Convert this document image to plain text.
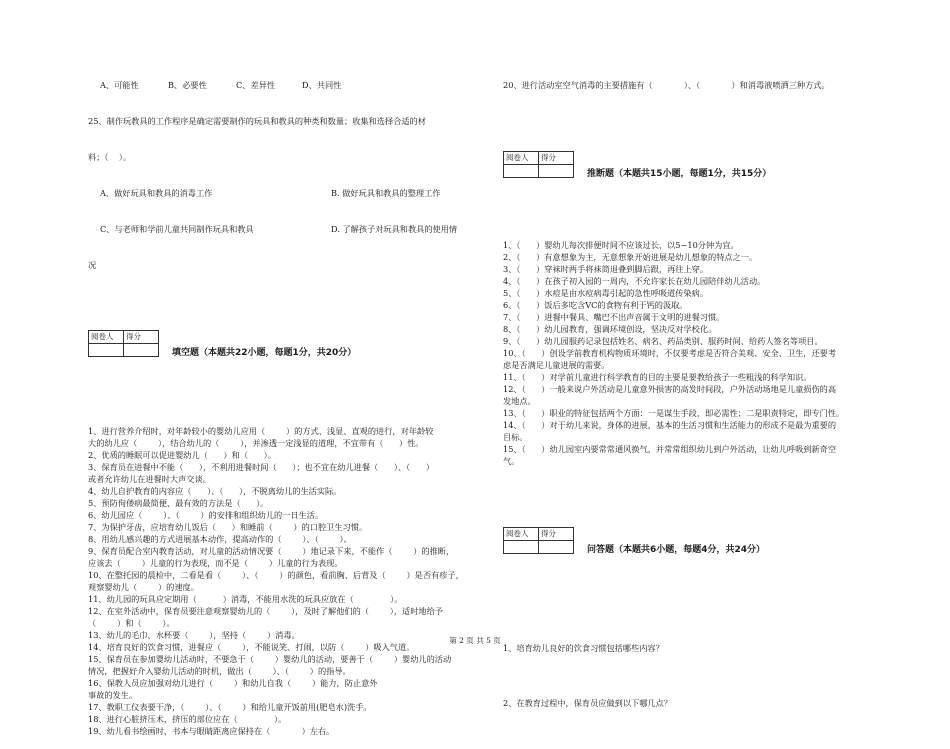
A、可能性	B、必要性	C、差异性	D、共同性

25、制作玩教具的工作程序是确定需要制作的玩具和教具的种类和数量；收集和选择合适的材

料；（    ）。

A、做好玩具和教具的消毒工作	B. 做好玩具和教具的整理工作

C、与老师和学前儿童共同制作玩具和教具	D. 了解孩子对玩具和教具的使用情

况

阅卷人	得分

填空题（本题共22小题，每题1分，共20分）

1、进行营养介绍时，对年龄较小的婴幼儿应用（        ）的方式、浅显、直观的进行，对年龄较
大的幼儿应（        ），结合幼儿的（        ），并渗透一定浅显的道理，不宜带有（      ）性。
2、优质的睡眠可以促进婴幼儿（      ）和（      ）。
3、保育员在进餐中不能（      ），不利用进餐时间（      ）；也不宜在幼儿进餐（      ）、（      ）
或者允许幼儿在进餐时大声交谈。
4、幼儿自护教育的内容应（      ）、（      ），不脱离幼儿的生活实际。
5、预防佝偻病最简便、最有效的方法是（      ）。
6、幼儿园应（        ）、（        ）的安排和组织幼儿的一日生活。
7、为保护牙齿，应培育幼儿饭后（      ）和睡前（        ）的口腔卫生习惯。
8、用幼儿感兴趣的方式进展基本动作，提高动作的（        ）、（        ）。
9、保育员配合室内教育活动，对儿童的活动情况要（        ）地记录下来，不能作（        ）的推断，
应该去（        ）儿童的行为表现，而不是（        ）儿童的行为表现。
10、在整托园的晨检中，二看是看（        ）、（        ）的颜色，看前胸、后背及（        ）是否有疹子，
观察婴幼儿（        ）的速度。
11、幼儿园的玩具应定期用（          ）消毒，不能用水洗的玩具应放在（              ）。
12、在室外活动中，保育员要注意观察婴幼儿的（        ），及时了解他们的（        ），适时地给予
（        ）和（        ）。
13、幼儿的毛巾、水杯要（        ），坚持（        ）消毒。
14、培育良好的饮食习惯，进餐应（        ），不能说笑、打闹，以防（        ）吸入气道。
15、保育员在参加婴幼儿活动时，不要急于（        ）婴幼儿的活动，要善于（        ）婴幼儿的活动
情况，把握好介入婴幼儿活动的时机，做出（        ）、（        ）的指导。
16、保教人员应加强对幼儿进行（        ）和幼儿自我（        ）能力，防止意外
事故的发生。
17、教职工仪表要干净，（        ）、（        ）和给儿童开饭前用(肥皂水)洗手。
18、进行心脏挤压术，挤压的部位应在（              ）。
19、幼儿看书绘画时，书本与眼睛距离应保持在（            ）左右。

20、进行活动室空气消毒的主要措施有（            ）、（            ）和消毒液喷洒三种方式。

阅卷人	得分

推断题（本题共15小题，每题1分，共15分）

1、（      ）婴幼儿每次排便时间不应该过长，以5~10分钟为宜。
2、（      ）有意想象为主，无意想象开始进展是幼儿想象的特点之一。
3、（      ）穿袜时两手将袜筒退叠到脚后跟，再往上穿。
4、（      ）在孩子初入园的一周内，不允许家长在幼儿园陪伴幼儿活动。
5、（      ）水痘是由水痘病毒引起的急性呼吸道传染病。
6、（      ）饭后多吃含VC的食物有利于钙的汲取。
7、（      ）进餐中餐具、嘴巴不出声音属于文明的进餐习惯。
8、（      ）幼儿园教育，强调环境创设，坚决反对学校化。
9、（      ）幼儿园服药记录包括姓名、病名、药品类别、服药时间、给药人签名等项目。
10、（      ）创设学前教育机构物质环境时，不仅要考虑是否符合美观、安全、卫生，还要考
虑是否满足儿童进展的需要。
11、（      ）对学前儿童进行科学教育的目的主要是要教给孩子一些粗浅的科学知识。
12、（      ）一般来说户外活动是儿童意外损害的高发时间段，户外活动场地是儿童损伤的高
发地点。
13、（      ）职业的特征包括两个方面：一是谋生手段，即必需性；二是职责特定，即专门性。
14、（      ）对于幼儿来说，身体的进展，基本的生活习惯和生活能力的形成不是最为重要的
目标。
15、（      ）幼儿园室内要常常通风换气，并常常组织幼儿到户外活动，让幼儿呼吸到新奇空
气。

阅卷人	得分

问答题（本题共6小题，每题4分，共24分）

1、培育幼儿良好的饮食习惯包括哪些内容？

2、在教育过程中，保育员应做到以下哪几点？

第 2 页 共 5 页
